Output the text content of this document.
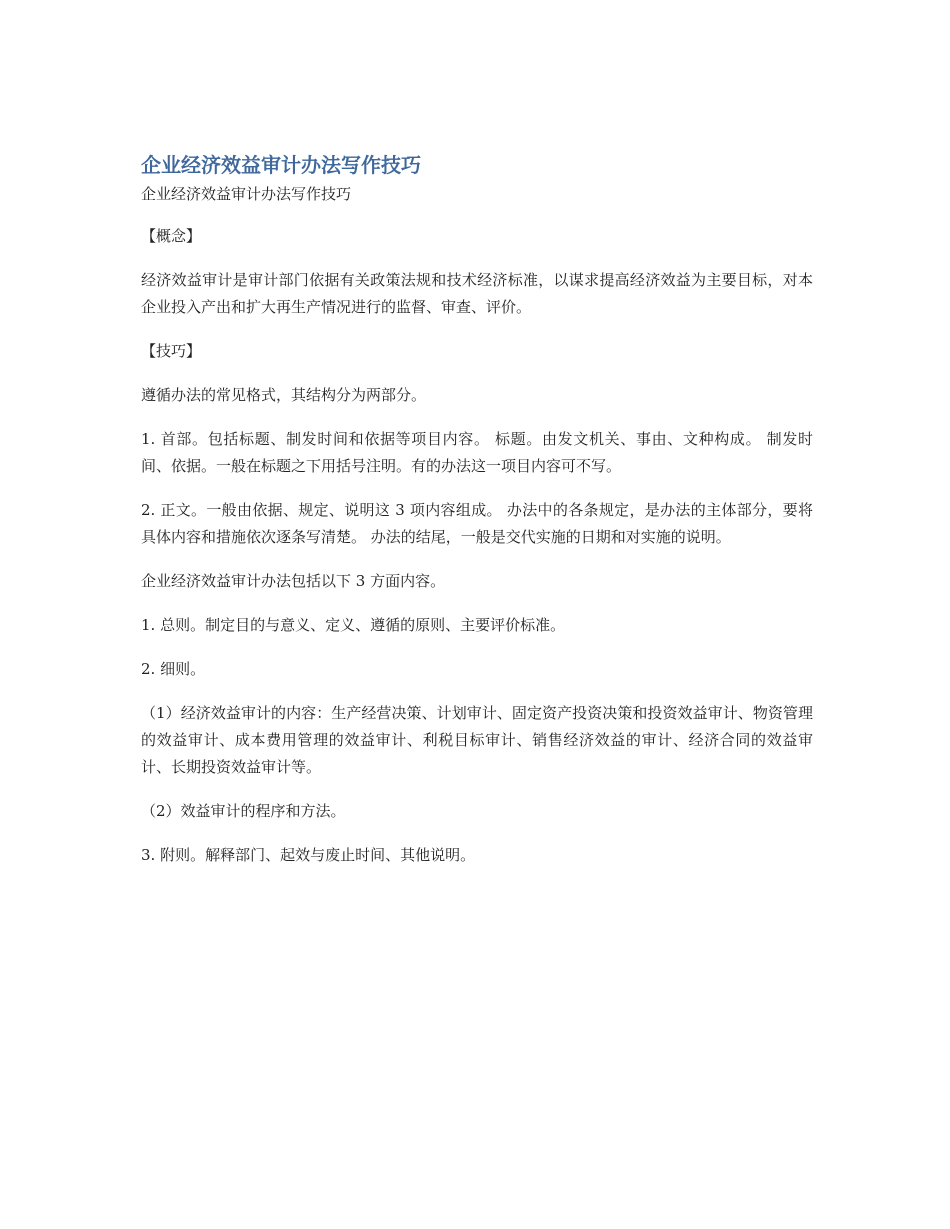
企业经济效益审计办法写作技巧

企业经济效益审计办法写作技巧

【概念】

经济效益审计是审计部门依据有关政策法规和技术经济标准，以谋求提高经济效益为主要目标，对本企业投入产出和扩大再生产情况进行的监督、审查、评价。

【技巧】

遵循办法的常见格式，其结构分为两部分。

1. 首部。包括标题、制发时间和依据等项目内容。 标题。由发文机关、事由、文种构成。 制发时间、依据。一般在标题之下用括号注明。有的办法这一项目内容可不写。

2. 正文。一般由依据、规定、说明这 3 项内容组成。 办法中的各条规定，是办法的主体部分，要将具体内容和措施依次逐条写清楚。 办法的结尾，一般是交代实施的日期和对实施的说明。

企业经济效益审计办法包括以下 3 方面内容。

1. 总则。制定目的与意义、定义、遵循的原则、主要评价标准。

2. 细则。

（1）经济效益审计的内容：生产经营决策、计划审计、固定资产投资决策和投资效益审计、物资管理的效益审计、成本费用管理的效益审计、利税目标审计、销售经济效益的审计、经济合同的效益审计、长期投资效益审计等。

（2）效益审计的程序和方法。

3. 附则。解释部门、起效与废止时间、其他说明。
